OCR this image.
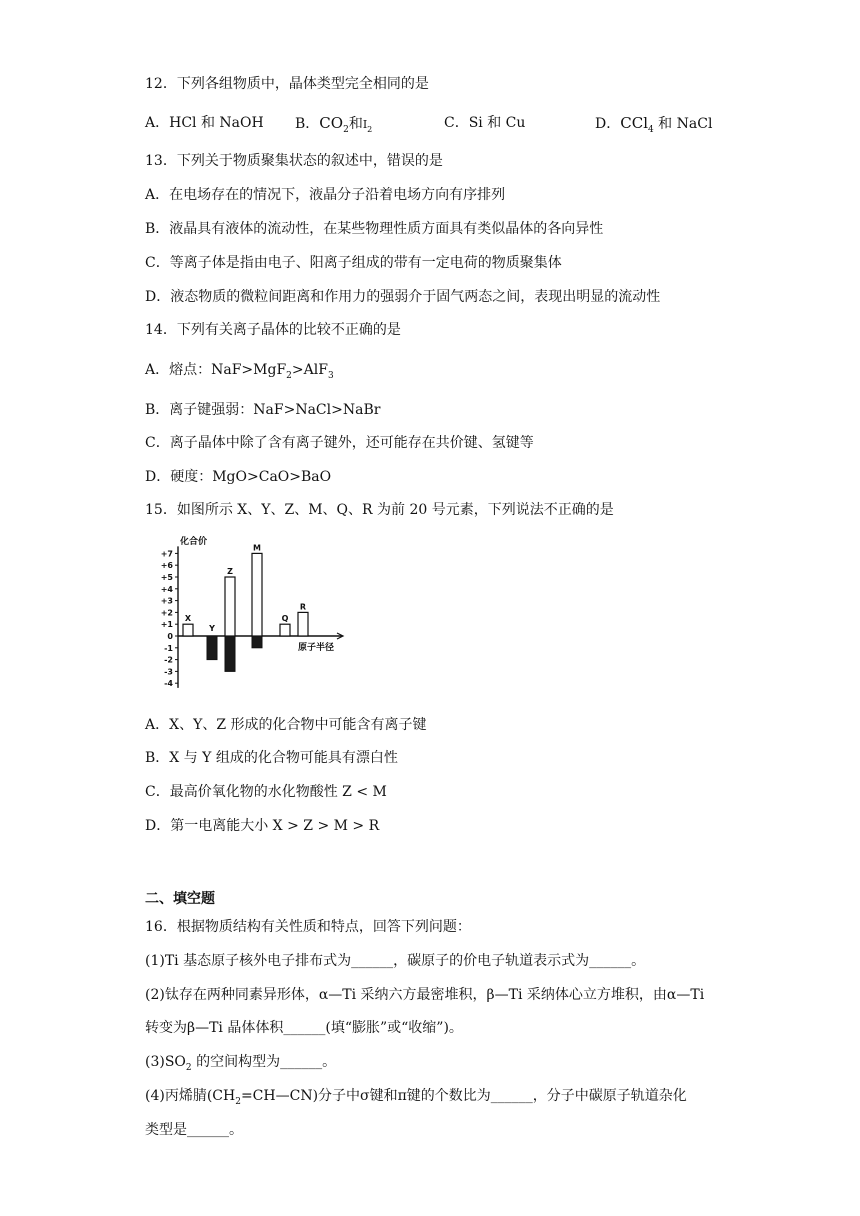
12．下列各组物质中，晶体类型完全相同的是
A．HCl 和 NaOH B．$CO_2$和$I_2$	C．Si 和 Cu	D．CCl$_4$ 和 NaCl
13．下列关于物质聚集状态的叙述中，错误的是
A．在电场存在的情况下，液晶分子沿着电场方向有序排列
B．液晶具有液体的流动性，在某些物理性质方面具有类似晶体的各向异性
C．等离子体是指由电子、阳离子组成的带有一定电荷的物质聚集体
D．液态物质的微粒间距离和作用力的强弱介于固气两态之间，表现出明显的流动性
14．下列有关离子晶体的比较不正确的是
A．熔点：NaF>MgF$_2$>AlF$_3$
B．离子键强弱：NaF>NaCl>NaBr
C．离子晶体中除了含有离子键外，还可能存在共价键、氢键等
D．硬度：MgO>CaO>BaO
15．如图所示 X、Y、Z、M、Q、R 为前 20 号元素，下列说法不正确的是
+7
+6
+5
+4
+3
+2
+1
0
-1
-2
-3
-4
化合价
原子半径
X
Y
Z
M
Q
R
A．X、Y、Z 形成的化合物中可能含有离子键
B．X 与 Y 组成的化合物可能具有漂白性
C．最高价氧化物的水化物酸性 Z < M
D．第一电离能大小 X > Z > M > R
二、填空题
16．根据物质结构有关性质和特点，回答下列问题：
(1)Ti 基态原子核外电子排布式为______，碳原子的价电子轨道表示式为______。
(2)钛存在两种同素异形体，α—Ti 采纳六方最密堆积，β—Ti 采纳体心立方堆积，由α—Ti
转变为β—Ti 晶体体积______(填“膨胀”或“收缩”)。
$(3)SO_2$ 的空间构型为______。
(4)丙烯腈$(CH_2=CH—CN)$分子中σ键和π键的个数比为______，分子中碳原子轨道杂化
类型是______。
